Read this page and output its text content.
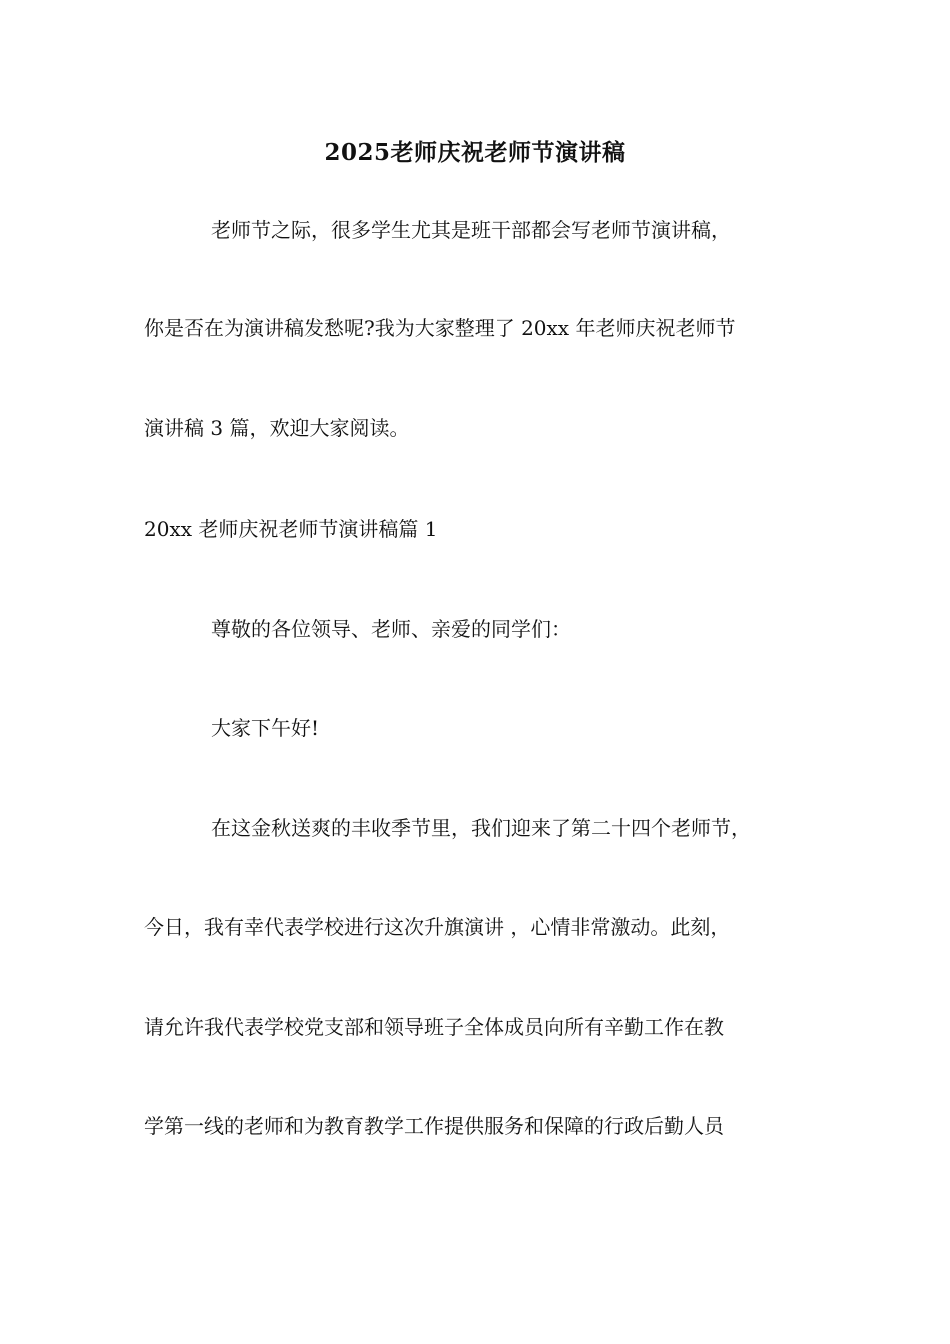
2025老师庆祝老师节演讲稿
老师节之际，很多学生尤其是班干部都会写老师节演讲稿，
你是否在为演讲稿发愁呢?我为大家整理了 20xx 年老师庆祝老师节
演讲稿 3 篇，欢迎大家阅读。
20xx 老师庆祝老师节演讲稿篇 1
尊敬的各位领导、老师、亲爱的同学们：
大家下午好!
在这金秋送爽的丰收季节里，我们迎来了第二十四个老师节，
今日，我有幸代表学校进行这次升旗演讲 ，心情非常激动。此刻，
请允许我代表学校党支部和领导班子全体成员向所有辛勤工作在教
学第一线的老师和为教育教学工作提供服务和保障的行政后勤人员
